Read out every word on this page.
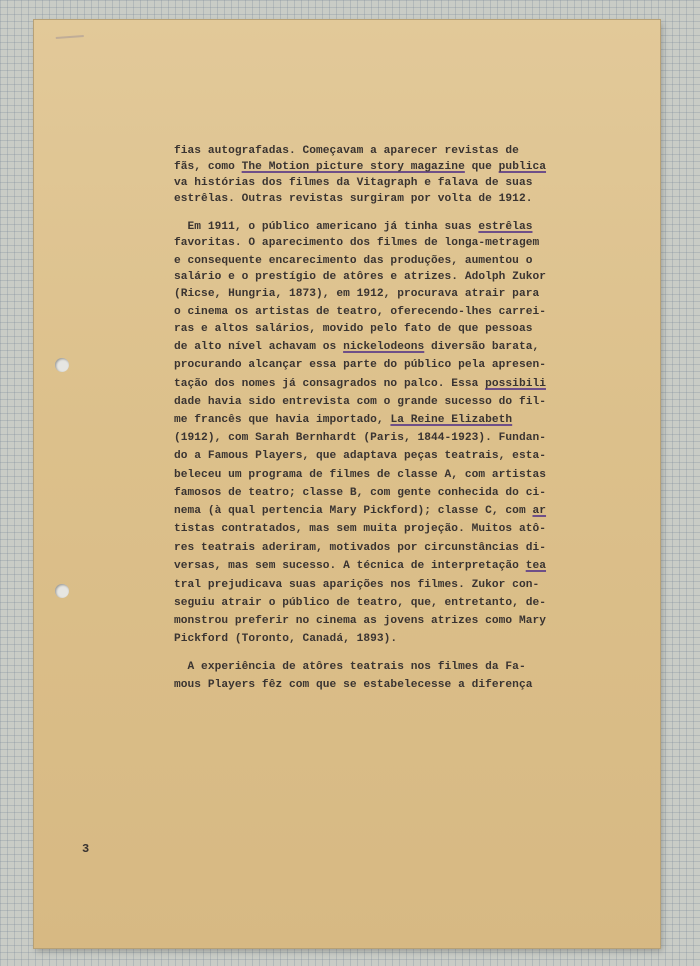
fias autografadas. Começavam a aparecer revistas de
fãs, como The Motion picture story magazine que publica
va histórias dos filmes da Vitagraph e falava de suas
estrêlas. Outras revistas surgiram por volta de 1912.
Em 1911, o público americano já tinha suas estrêlas
favoritas. O aparecimento dos filmes de longa-metragem
e consequente encarecimento das produções, aumentou o
salário e o prestígio de atôres e atrizes. Adolph Zukor
(Ricse, Hungria, 1873), em 1912, procurava atrair para
o cinema os artistas de teatro, oferecendo-lhes carrei-
ras e altos salários, movido pelo fato de que pessoas
de alto nível achavam os nickelodeons diversão barata,
procurando alcançar essa parte do público pela apresen-
tação dos nomes já consagrados no palco. Essa possibili
dade havia sido entrevista com o grande sucesso do fil-
me francês que havia importado, La Reine Elizabeth
(1912), com Sarah Bernhardt (Paris, 1844-1923). Fundan-
do a Famous Players, que adaptava peças teatrais, esta-
beleceu um programa de filmes de classe A, com artistas
famosos de teatro; classe B, com gente conhecida do ci-
nema (à qual pertencia Mary Pickford); classe C, com ar
tistas contratados, mas sem muita projeção. Muitos atô-
res teatrais aderiram, motivados por circunstâncias di-
versas, mas sem sucesso. A técnica de interpretação tea
tral prejudicava suas aparições nos filmes. Zukor con-
seguiu atrair o público de teatro, que, entretanto, de-
monstrou preferir no cinema as jovens atrizes como Mary
Pickford (Toronto, Canadá, 1893).
A experiência de atôres teatrais nos filmes da Fa-
mous Players fêz com que se estabelecesse a diferença
3
